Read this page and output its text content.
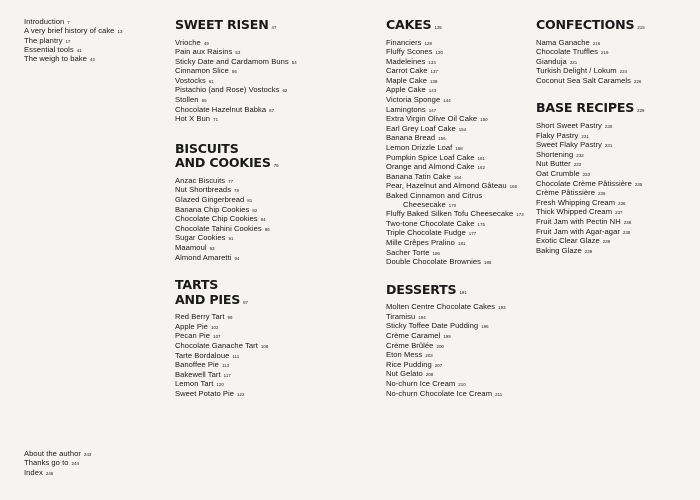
Introduction 7
A very brief history of cake 13
The plantry 17
Essential tools 41
The weigh to bake 43
SWEET RISEN 47
Vrioche 49
Pain aux Raisins 53
Sticky Date and Cardamom Buns 54
Cinnamon Slice 56
Vostocks 61
Pistachio (and Rose) Vostocks 62
Stollen 65
Chocolate Hazelnut Babka 67
Hot X Bun 71
BISCUITS
AND COOKIES 75
Anzac Biscuits 77
Nut Shortbreads 78
Glazed Gingerbread 81
Banana Chip Cookies 82
Chocolate Chip Cookies 84
Chocolate Tahini Cookies 86
Sugar Cookies 91
Maamoul 93
Almond Amaretti 94
TARTS
AND PIES 97
Red Berry Tart 99
Apple Pie 102
Pecan Pie 107
Chocolate Ganache Tart 108
Tarte Bordaloue 111
Banoffee Pie 113
Bakewell Tart 117
Lemon Tart 120
Sweet Potato Pie 122
CAKES 125
Financiers 128
Fluffy Scones 130
Madeleines 134
Carrot Cake 137
Maple Cake 138
Apple Cake 143
Victoria Sponge 144
Lamingtons 147
Extra Virgin Olive Oil Cake 150
Earl Grey Loaf Cake 154
Banana Bread 156
Lemon Drizzle Loaf 158
Pumpkin Spice Loaf Cake 161
Orange and Almond Cake 162
Banana Tatin Cake 164
Pear, Hazelnut and Almond Gâteau 166
Baked Cinnamon and Citrus
Cheesecake 170
Fluffy Baked Silken Tofu Cheesecake 173
Two-tone Chocolate Cake 175
Triple Chocolate Fudge 177
Mille Crêpes Pralino 181
Sacher Torte 186
Double Chocolate Brownies 188
DESSERTS 191
Molten Centre Chocolate Cakes 193
Tiramisu 194
Sticky Toffee Date Pudding 196
Crème Caramel 199
Crème Brûlée 200
Eton Mess 203
Rice Pudding 207
Nut Gelato 208
No-churn Ice Cream 210
No-churn Chocolate Ice Cream 211
CONFECTIONS 215
Nama Ganache 216
Chocolate Truffles 219
Gianduja 221
Turkish Delight / Lokum 224
Coconut Sea Salt Caramels 226
BASE RECIPES 229
Short Sweet Pastry 230
Flaky Pastry 231
Sweet Flaky Pastry 231
Shortening 232
Nut Butter 233
Oat Crumble 233
Chocolate Crème Pâtissière 235
Crème Pâtissière 235
Fresh Whipping Cream 236
Thick Whipped Cream 237
Fruit Jam with Pectin NH 238
Fruit Jam with Agar-agar 238
Exotic Clear Glaze 239
Baking Glaze 239
About the author 243
Thanks go to 244
Index 246
